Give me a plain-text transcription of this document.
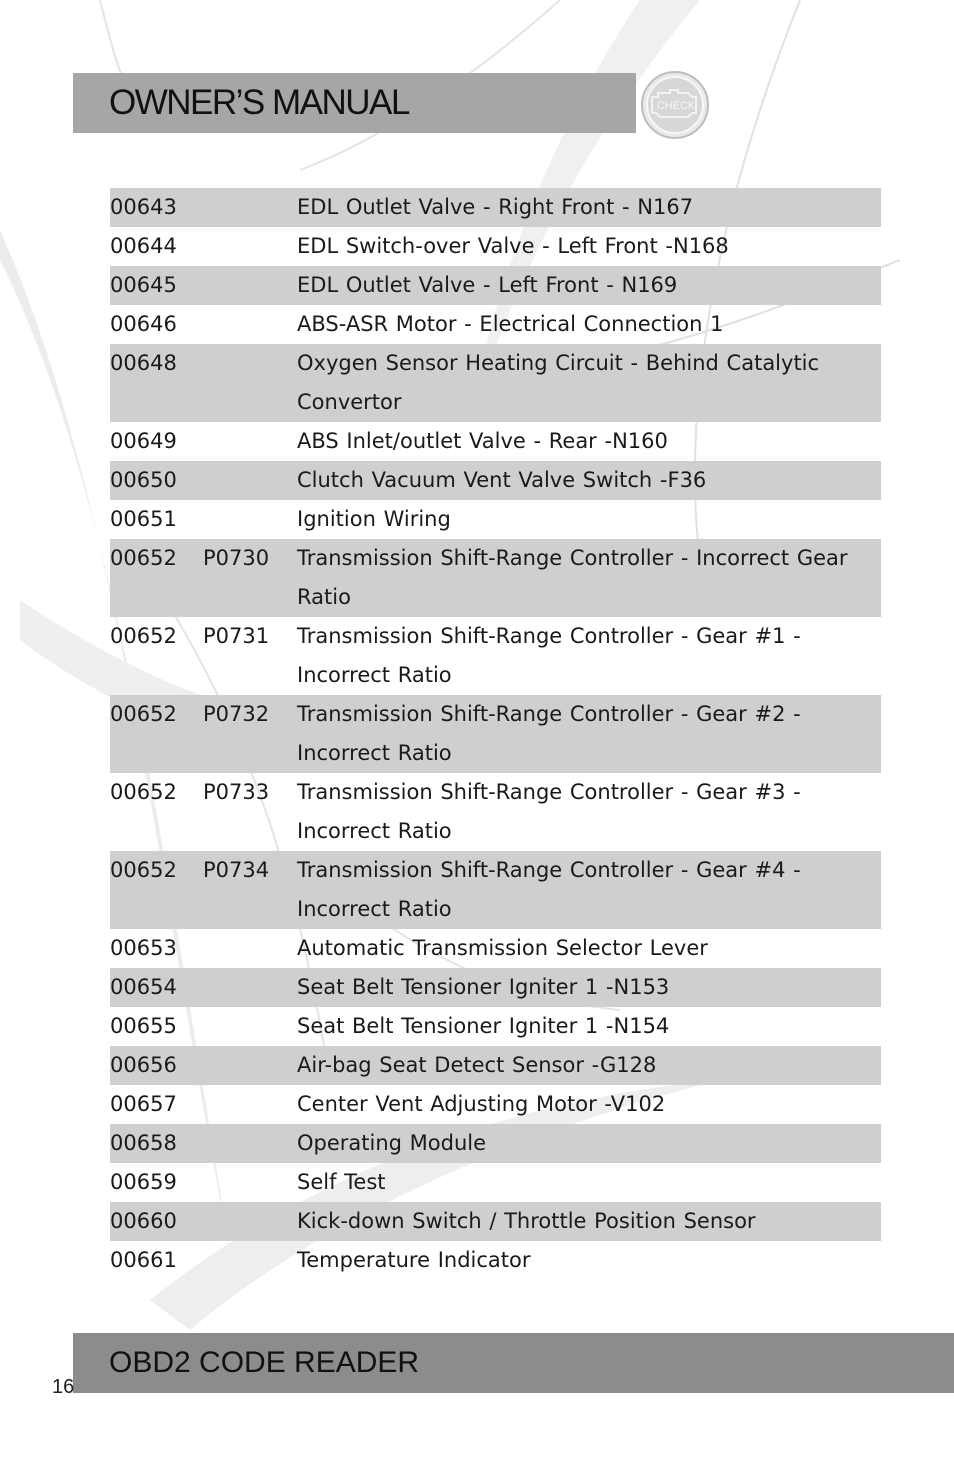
OWNER’S MANUAL	CHECK
00643	EDL Outlet Valve - Right Front - N167
00644	EDL Switch-over Valve - Left Front -N168
00645	EDL Outlet Valve - Left Front - N169
00646	ABS-ASR Motor - Electrical Connection 1
00648	Oxygen Sensor Heating Circuit - Behind Catalytic Convertor
00649	ABS Inlet/outlet Valve - Rear -N160
00650	Clutch Vacuum Vent Valve Switch -F36
00651	Ignition Wiring
00652	P0730	Transmission Shift-Range Controller - Incorrect Gear Ratio
00652	P0731	Transmission Shift-Range Controller - Gear #1 - Incorrect Ratio
00652	P0732	Transmission Shift-Range Controller - Gear #2 - Incorrect Ratio
00652	P0733	Transmission Shift-Range Controller - Gear #3 - Incorrect Ratio
00652	P0734	Transmission Shift-Range Controller - Gear #4 - Incorrect Ratio
00653	Automatic Transmission Selector Lever
00654	Seat Belt Tensioner Igniter 1 -N153
00655	Seat Belt Tensioner Igniter 1 -N154
00656	Air-bag Seat Detect Sensor -G128
00657	Center Vent Adjusting Motor -V102
00658	Operating Module
00659	Self Test
00660	Kick-down Switch / Throttle Position Sensor
00661	Temperature Indicator
OBD2 CODE READER
16
